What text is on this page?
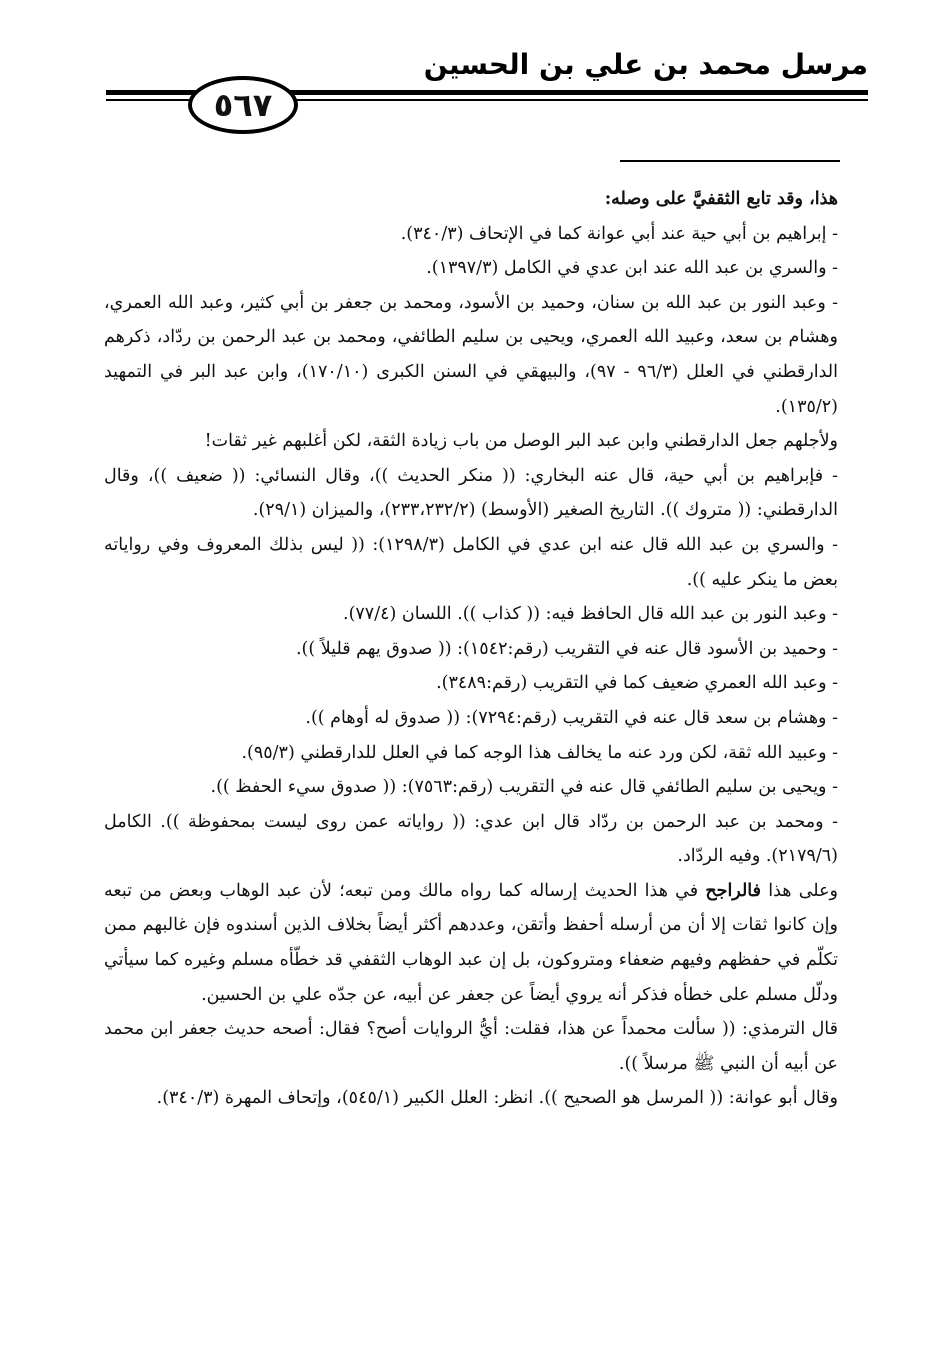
مرسل محمد بن علي بن الحسين
٥٦٧

هذا، وقد تابع الثقفيَّ على وصله:

- إبراهيم بن أبي حية عند أبي عوانة كما في الإتحاف (٣٤٠/٣).

- والسري بن عبد الله عند ابن عدي في الكامل (١٣٩٧/٣).

- وعبد النور بن عبد الله بن سنان، وحميد بن الأسود، ومحمد بن جعفر بن أبي كثير، وعبد الله العمري، وهشام بن سعد، وعبيد الله العمري، ويحيى بن سليم الطائفي، ومحمد بن عبد الرحمن بن ردّاد، ذكرهم الدارقطني في العلل (٩٦/٣ - ٩٧)، والبيهقي في السنن الكبرى (١٧٠/١٠)، وابن عبد البر في التمهيد (١٣٥/٢).

ولأجلهم جعل الدارقطني وابن عبد البر الوصل من باب زيادة الثقة، لكن أغلبهم غير ثقات!

- فإبراهيم بن أبي حية، قال عنه البخاري: (( منكر الحديث ))، وقال النسائي: (( ضعيف ))، وقال الدارقطني: (( متروك )). التاريخ الصغير (الأوسط) (٢٣٣،٢٣٢/٢)، والميزان (٢٩/١).

- والسري بن عبد الله قال عنه ابن عدي في الكامل (١٢٩٨/٣): (( ليس بذلك المعروف وفي رواياته بعض ما ينكر عليه )).

- وعبد النور بن عبد الله قال الحافظ فيه: (( كذاب )). اللسان (٧٧/٤).

- وحميد بن الأسود قال عنه في التقريب (رقم:١٥٤٢): (( صدوق يهم قليلاً )).

- وعبد الله العمري ضعيف كما في التقريب (رقم:٣٤٨٩).

- وهشام بن سعد قال عنه في التقريب (رقم:٧٢٩٤): (( صدوق له أوهام )).

- وعبيد الله ثقة، لكن ورد عنه ما يخالف هذا الوجه كما في العلل للدارقطني (٩٥/٣).

- ويحيى بن سليم الطائفي قال عنه في التقريب (رقم:٧٥٦٣): (( صدوق سيء الحفظ )).

- ومحمد بن عبد الرحمن بن ردّاد قال ابن عدي: (( رواياته عمن روى ليست بمحفوظة )). الكامل (٢١٧٩/٦). وفيه الردّاد.

وعلى هذا فالراجح في هذا الحديث إرساله كما رواه مالك ومن تبعه؛ لأن عبد الوهاب وبعض من تبعه وإن كانوا ثقات إلا أن من أرسله أحفظ وأتقن، وعددهم أكثر أيضاً بخلاف الذين أسندوه فإن غالبهم ممن تكلّم في حفظهم وفيهم ضعفاء ومتروكون، بل إن عبد الوهاب الثقفي قد خطّأه مسلم وغيره كما سيأتي ودلّل مسلم على خطأه فذكر أنه يروي أيضاً عن جعفر عن أبيه، عن جدّه علي بن الحسين.

قال الترمذي: (( سألت محمداً عن هذا، فقلت: أيُّ الروايات أصح؟ فقال: أصحه حديث جعفر ابن محمد عن أبيه أن النبي ﷺ مرسلاً )).

وقال أبو عوانة: (( المرسل هو الصحيح )). انظر: العلل الكبير (٥٤٥/١)، وإتحاف المهرة (٣٤٠/٣).
